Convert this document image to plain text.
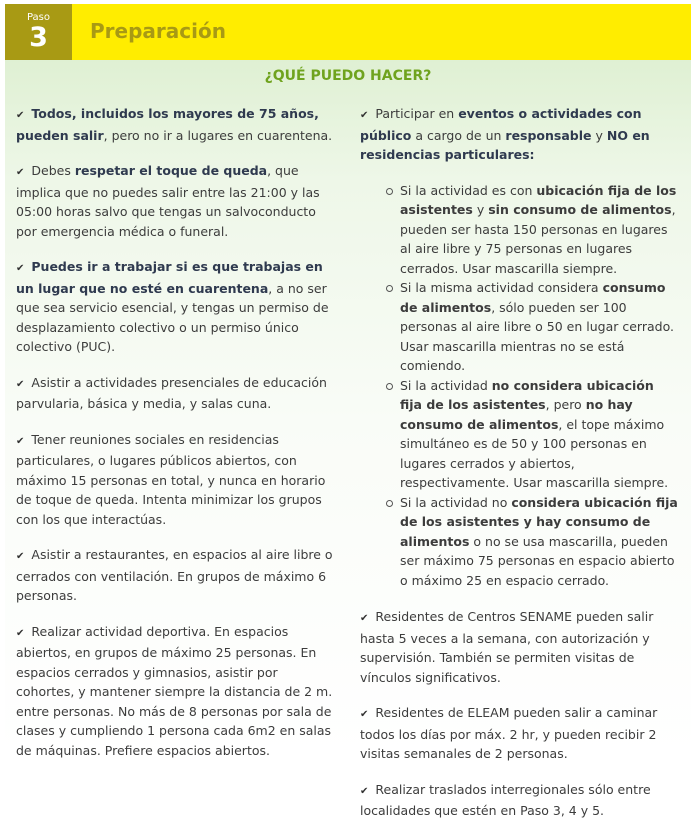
Paso
3	Preparación
¿QUÉ PUEDO HACER?
✔ Todos, incluidos los mayores de 75 años, pueden salir, pero no ir a lugares en cuarentena.
✔ Debes respetar el toque de queda, que implica que no puedes salir entre las 21:00 y las 05:00 horas salvo que tengas un salvoconducto por emergencia médica o funeral.
✔ Puedes ir a trabajar si es que trabajas en un lugar que no esté en cuarentena, a no ser que sea servicio esencial, y tengas un permiso de desplazamiento colectivo o un permiso único colectivo (PUC).
✔ Asistir a actividades presenciales de educación parvularia, básica y media, y salas cuna.
✔ Tener reuniones sociales en residencias particulares, o lugares públicos abiertos, con máximo 15 personas en total, y nunca en horario de toque de queda. Intenta minimizar los grupos con los que interactúas.
✔ Asistir a restaurantes, en espacios al aire libre o cerrados con ventilación. En grupos de máximo 6 personas.
✔ Realizar actividad deportiva. En espacios abiertos, en grupos de máximo 25 personas. En espacios cerrados y gimnasios, asistir por cohortes, y mantener siempre la distancia de 2 m. entre personas. No más de 8 personas por sala de clases y cumpliendo 1 persona cada 6m2 en salas de máquinas. Prefiere espacios abiertos.
✔ Participar en eventos o actividades con público a cargo de un responsable y NO en residencias particulares:
Si la actividad es con ubicación fija de los asistentes y sin consumo de alimentos, pueden ser hasta 150 personas en lugares al aire libre y 75 personas en lugares cerrados. Usar mascarilla siempre.
Si la misma actividad considera consumo de alimentos, sólo pueden ser 100 personas al aire libre o 50 en lugar cerrado. Usar mascarilla mientras no se está comiendo.
Si la actividad no considera ubicación fija de los asistentes, pero no hay consumo de alimentos, el tope máximo simultáneo es de 50 y 100 personas en lugares cerrados y abiertos, respectivamente. Usar mascarilla siempre.
Si la actividad no considera ubicación fija de los asistentes y hay consumo de alimentos o no se usa mascarilla, pueden ser máximo 75 personas en espacio abierto o máximo 25 en espacio cerrado.
✔ Residentes de Centros SENAME pueden salir hasta 5 veces a la semana, con autorización y supervisión. También se permiten visitas de vínculos significativos.
✔ Residentes de ELEAM pueden salir a caminar todos los días por máx. 2 hr, y pueden recibir 2 visitas semanales de 2 personas.
✔ Realizar traslados interregionales sólo entre localidades que estén en Paso 3, 4 y 5.
